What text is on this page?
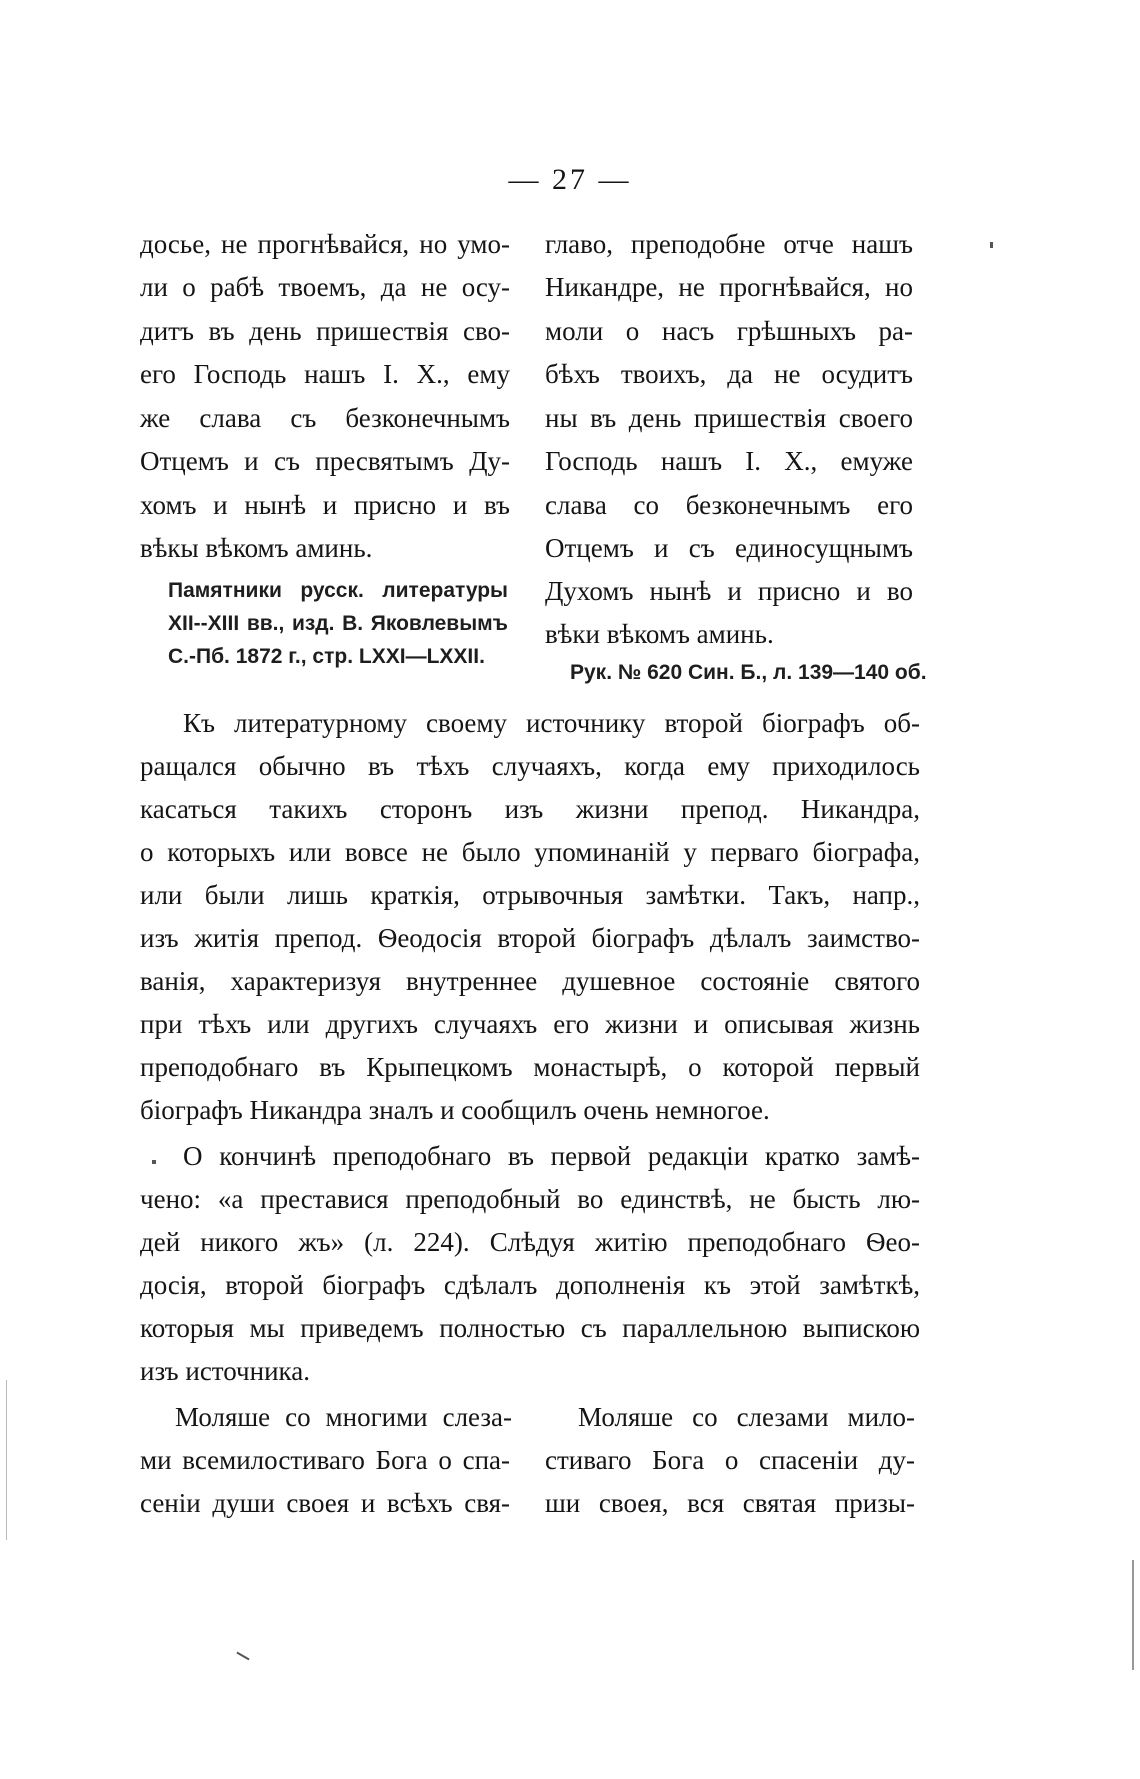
— 27 —
досье, не прогнѣвайся, но умо-
ли о рабѣ твоемъ, да не осу-
дитъ въ день пришествія сво-
его Господь нашъ І. Х., ему
же слава съ безконечнымъ
Отцемъ и съ пресвятымъ Ду-
хомъ и нынѣ и присно и въ
вѣкы вѣкомъ аминь.
Памятники русск. литературы
XII--XIII вв., изд. В. Яковлевымъ
С.-Пб. 1872 г., стр. LXXI—LXXII.
главо, преподобне отче нашъ
Никандре, не прогнѣвайся, но
моли о насъ грѣшныхъ ра-
бѣхъ твоихъ, да не осудитъ
ны въ день пришествія своего
Господь нашъ І. Х., емуже
слава со безконечнымъ его
Отцемъ и съ единосущнымъ
Духомъ нынѣ и присно и во
вѣки вѣкомъ аминь.
Рук. № 620 Син. Б., л. 139—140 об.
Къ литературному своему источнику второй біографъ об-
ращался обычно въ тѣхъ случаяхъ, когда ему приходилось
касаться такихъ сторонъ изъ жизни препод. Никандра,
о которыхъ или вовсе не было упоминаній у перваго біографа,
или были лишь краткія, отрывочныя замѣтки. Такъ, напр.,
изъ житія препод. Ѳеодосія второй біографъ дѣлалъ заимство-
ванія, характеризуя внутреннее душевное состояніе святого
при тѣхъ или другихъ случаяхъ его жизни и описывая жизнь
преподобнаго въ Крыпецкомъ монастырѣ, о которой первый
біографъ Никандра зналъ и сообщилъ очень немногое.
О кончинѣ преподобнаго въ первой редакціи кратко замѣ-
чено: «а преставися преподобный во единствѣ, не бысть лю-
дей никого жъ» (л. 224). Слѣдуя житію преподобнаго Ѳео-
досія, второй біографъ сдѣлалъ дополненія къ этой замѣткѣ,
которыя мы приведемъ полностью съ параллельною выпискою
изъ источника.
Моляше со многими слеза-
ми всемилостиваго Бога о спа-
сеніи души своея и всѣхъ свя-
Моляше со слезами мило-
стиваго Бога о спасеніи ду-
ши своея, вся святая призы-
